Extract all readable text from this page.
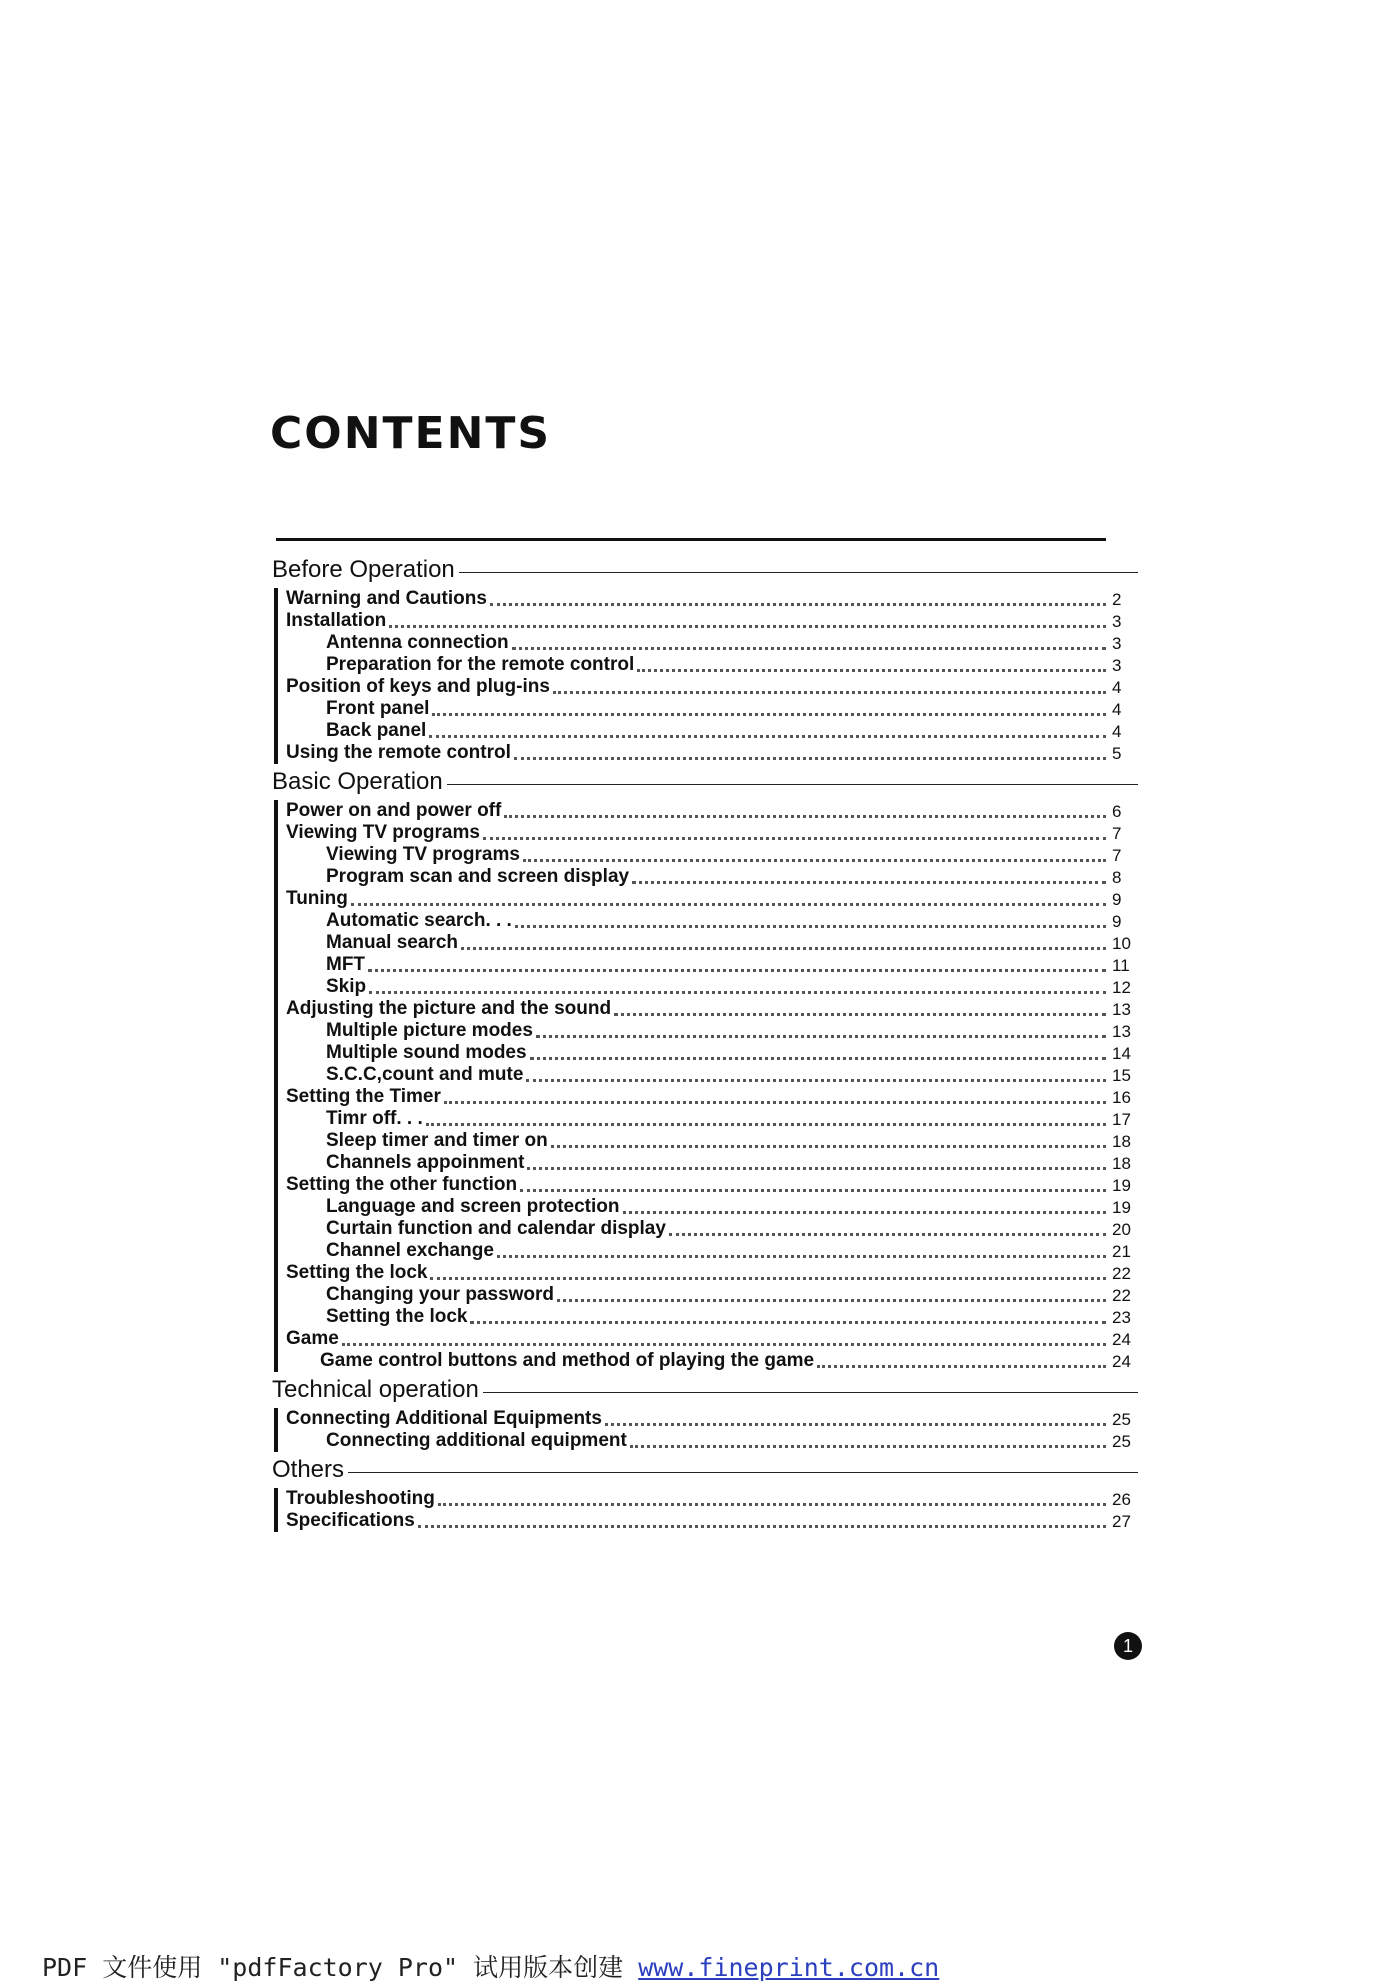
CONTENTS
Before Operation
Warning and Cautions	2
Installation	3
Antenna connection	3
Preparation for the remote control	3
Position of keys and plug-ins	4
Front panel	4
Back panel	4
Using the remote control	5
Basic Operation
Power on and power off	6
Viewing TV programs	7
Viewing TV programs	7
Program scan and screen display	8
Tuning	9
Automatic search. . .	9
Manual search	10
MFT	11
Skip	12
Adjusting the picture and the sound	13
Multiple picture modes	13
Multiple sound modes	14
S.C.C,count and mute	15
Setting the Timer	16
Timr off. . .	17
Sleep timer and timer on	18
Channels appoinment	18
Setting the other function	19
Language and screen protection	19
Curtain function and calendar display	20
Channel exchange	21
Setting the lock	22
Changing your password	22
Setting the lock	23
Game	24
Game control buttons and method of playing the game	24
Technical operation
Connecting Additional Equipments	25
Connecting additional equipment	25
Others
Troubleshooting	26
Specifications	27
1
PDF 文件使用 "pdfFactory Pro" 试用版本创建 www.fineprint.com.cn
